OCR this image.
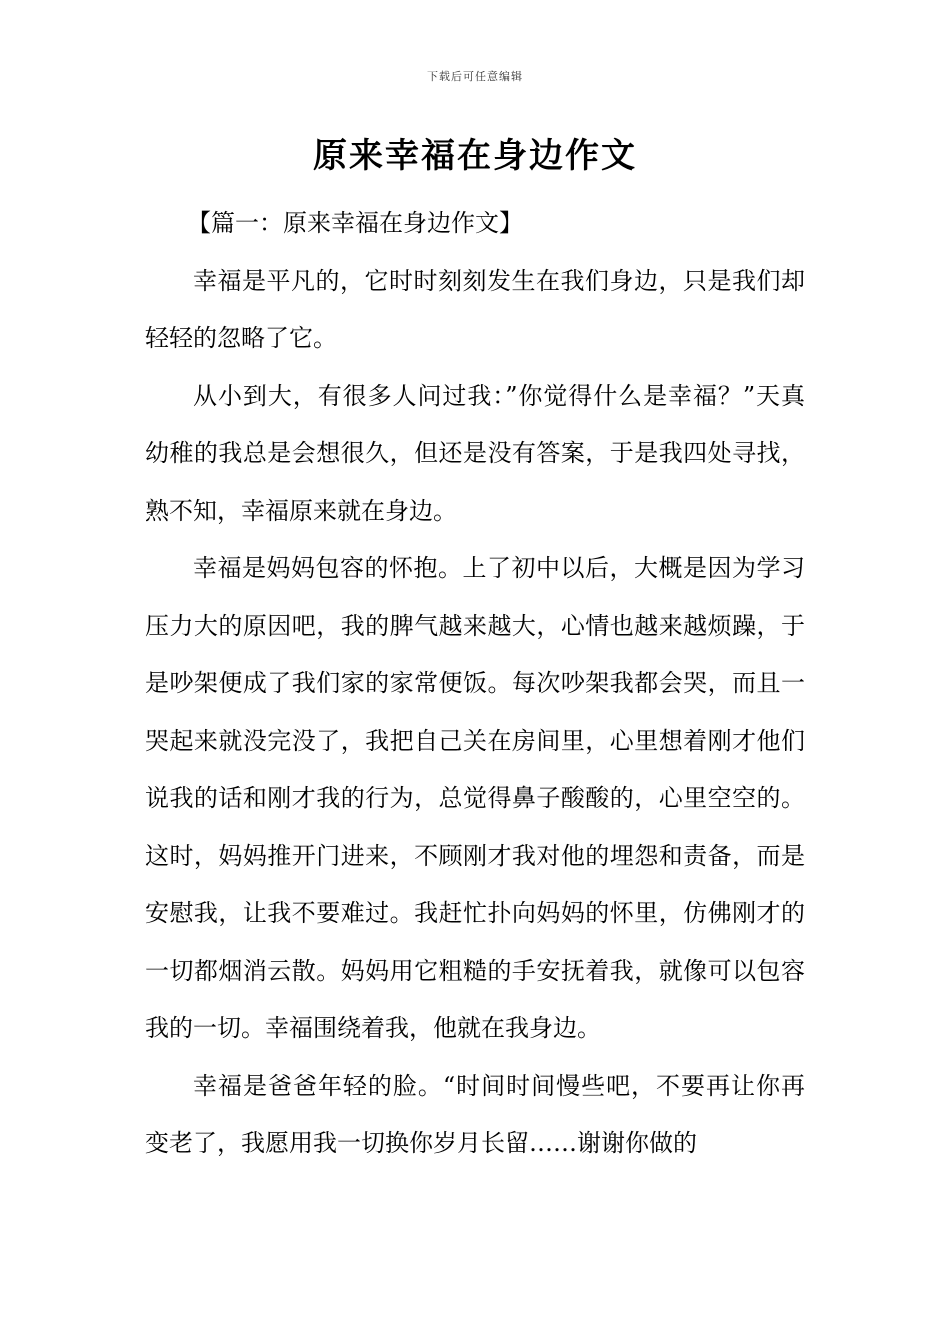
下载后可任意编辑
原来幸福在身边作文

【篇一：原来幸福在身边作文】

幸福是平凡的，它时时刻刻发生在我们身边，只是我们却轻轻的忽略了它。

从小到大，有很多人问过我：”你觉得什么是幸福？”天真幼稚的我总是会想很久，但还是没有答案，于是我四处寻找，熟不知，幸福原来就在身边。

幸福是妈妈包容的怀抱。上了初中以后，大概是因为学习压力大的原因吧，我的脾气越来越大，心情也越来越烦躁，于是吵架便成了我们家的家常便饭。每次吵架我都会哭，而且一哭起来就没完没了，我把自己关在房间里，心里想着刚才他们说我的话和刚才我的行为，总觉得鼻子酸酸的，心里空空的。这时，妈妈推开门进来，不顾刚才我对他的埋怨和责备，而是安慰我，让我不要难过。我赶忙扑向妈妈的怀里，仿佛刚才的一切都烟消云散。妈妈用它粗糙的手安抚着我，就像可以包容我的一切。幸福围绕着我，他就在我身边。

幸福是爸爸年轻的脸。“时间时间慢些吧，不要再让你再变老了，我愿用我一切换你岁月长留……谢谢你做的
